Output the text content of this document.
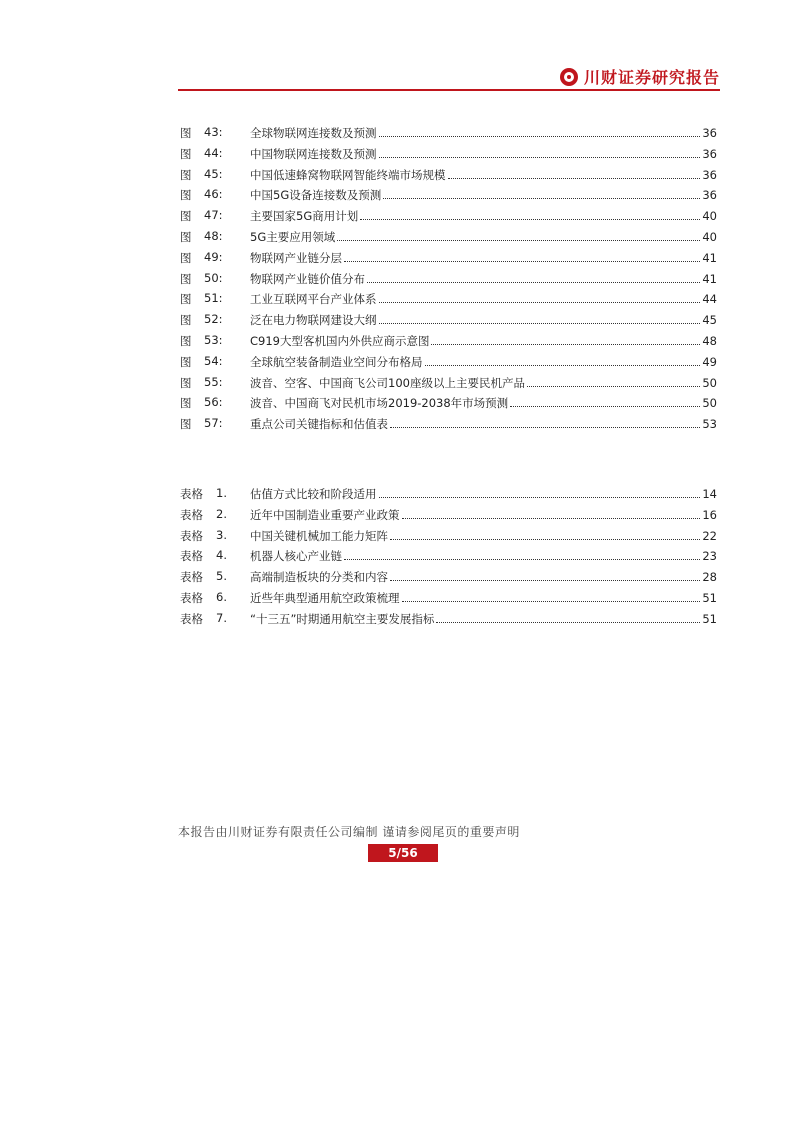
川财证券研究报告
图	43: 全球物联网连接数及预测	36
图	44: 中国物联网连接数及预测	36
图	45: 中国低速蜂窝物联网智能终端市场规模	36
图	46: 中国5G设备连接数及预测	36
图	47: 主要国家5G商用计划	40
图	48: 5G主要应用领域	40
图	49: 物联网产业链分层	41
图	50: 物联网产业链价值分布	41
图	51: 工业互联网平台产业体系	44
图	52: 泛在电力物联网建设大纲	45
图	53: C919大型客机国内外供应商示意图	48
图	54: 全球航空装备制造业空间分布格局	49
图	55: 波音、空客、中国商飞公司100座级以上主要民机产品	50
图	56: 波音、中国商飞对民机市场2019-2038年市场预测	50
图	57: 重点公司关键指标和估值表	53
表格	1. 估值方式比较和阶段适用	14
表格	2. 近年中国制造业重要产业政策	16
表格	3. 中国关键机械加工能力矩阵	22
表格	4. 机器人核心产业链	23
表格	5. 高端制造板块的分类和内容	28
表格	6. 近些年典型通用航空政策梳理	51
表格	7. “十三五”时期通用航空主要发展指标	51
本报告由川财证券有限责任公司编制 谨请参阅尾页的重要声明
5/56
